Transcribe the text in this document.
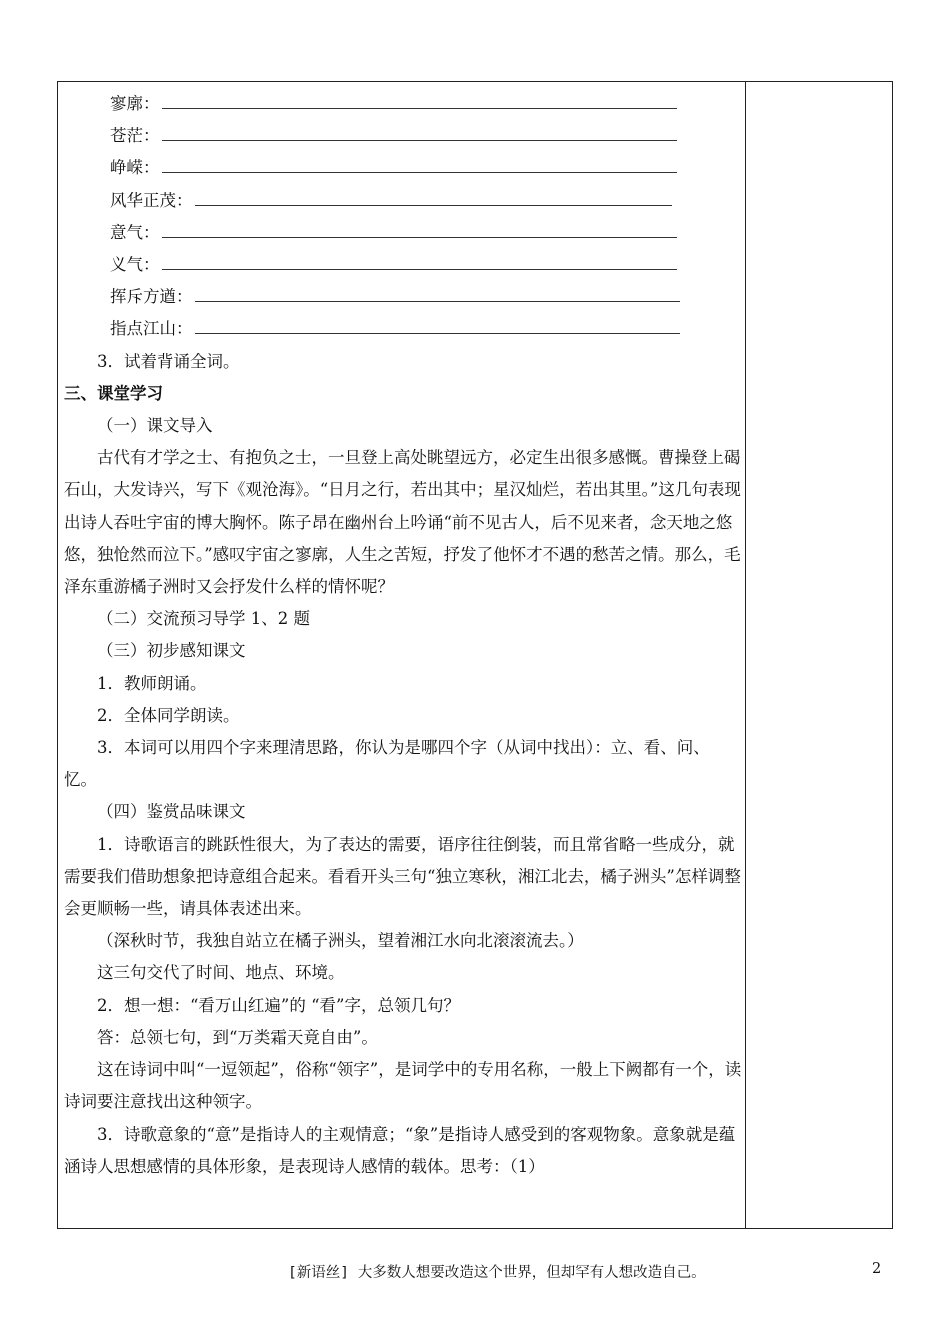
寥廓：
苍茫：
峥嵘：
风华正茂：
意气：
义气：
挥斥方遒：
指点江山：

3．试着背诵全词。

三、课堂学习

（一）课文导入

古代有才学之士、有抱负之士，一旦登上高处眺望远方，必定生出很多感慨。曹操登上碣石山，大发诗兴，写下《观沧海》。“日月之行，若出其中；星汉灿烂，若出其里。”这几句表现出诗人吞吐宇宙的博大胸怀。陈子昂在幽州台上吟诵“前不见古人，后不见来者，念天地之悠悠，独怆然而泣下。”感叹宇宙之寥廓，人生之苦短，抒发了他怀才不遇的愁苦之情。那么，毛泽东重游橘子洲时又会抒发什么样的情怀呢？

（二）交流预习导学 1、2 题

（三）初步感知课文

1．教师朗诵。

2．全体同学朗读。

3．本词可以用四个字来理清思路，你认为是哪四个字（从词中找出）：立、看、问、忆。

（四）鉴赏品味课文

1．诗歌语言的跳跃性很大，为了表达的需要，语序往往倒装，而且常省略一些成分，就需要我们借助想象把诗意组合起来。看看开头三句“独立寒秋，湘江北去，橘子洲头”怎样调整会更顺畅一些，请具体表述出来。

（深秋时节，我独自站立在橘子洲头，望着湘江水向北滚滚流去。）

这三句交代了时间、地点、环境。

2．想一想：“看万山红遍”的 “看”字，总领几句？

答：总领七句，到“万类霜天竟自由”。

这在诗词中叫“一逗领起”，俗称“领字”，是词学中的专用名称，一般上下阙都有一个，读诗词要注意找出这种领字。

3．诗歌意象的“意”是指诗人的主观情意；“象”是指诗人感受到的客观物象。意象就是蕴涵诗人思想感情的具体形象，是表现诗人感情的载体。思考：（1）

[新语丝] 大多数人想要改造这个世界，但却罕有人想改造自己。	2
